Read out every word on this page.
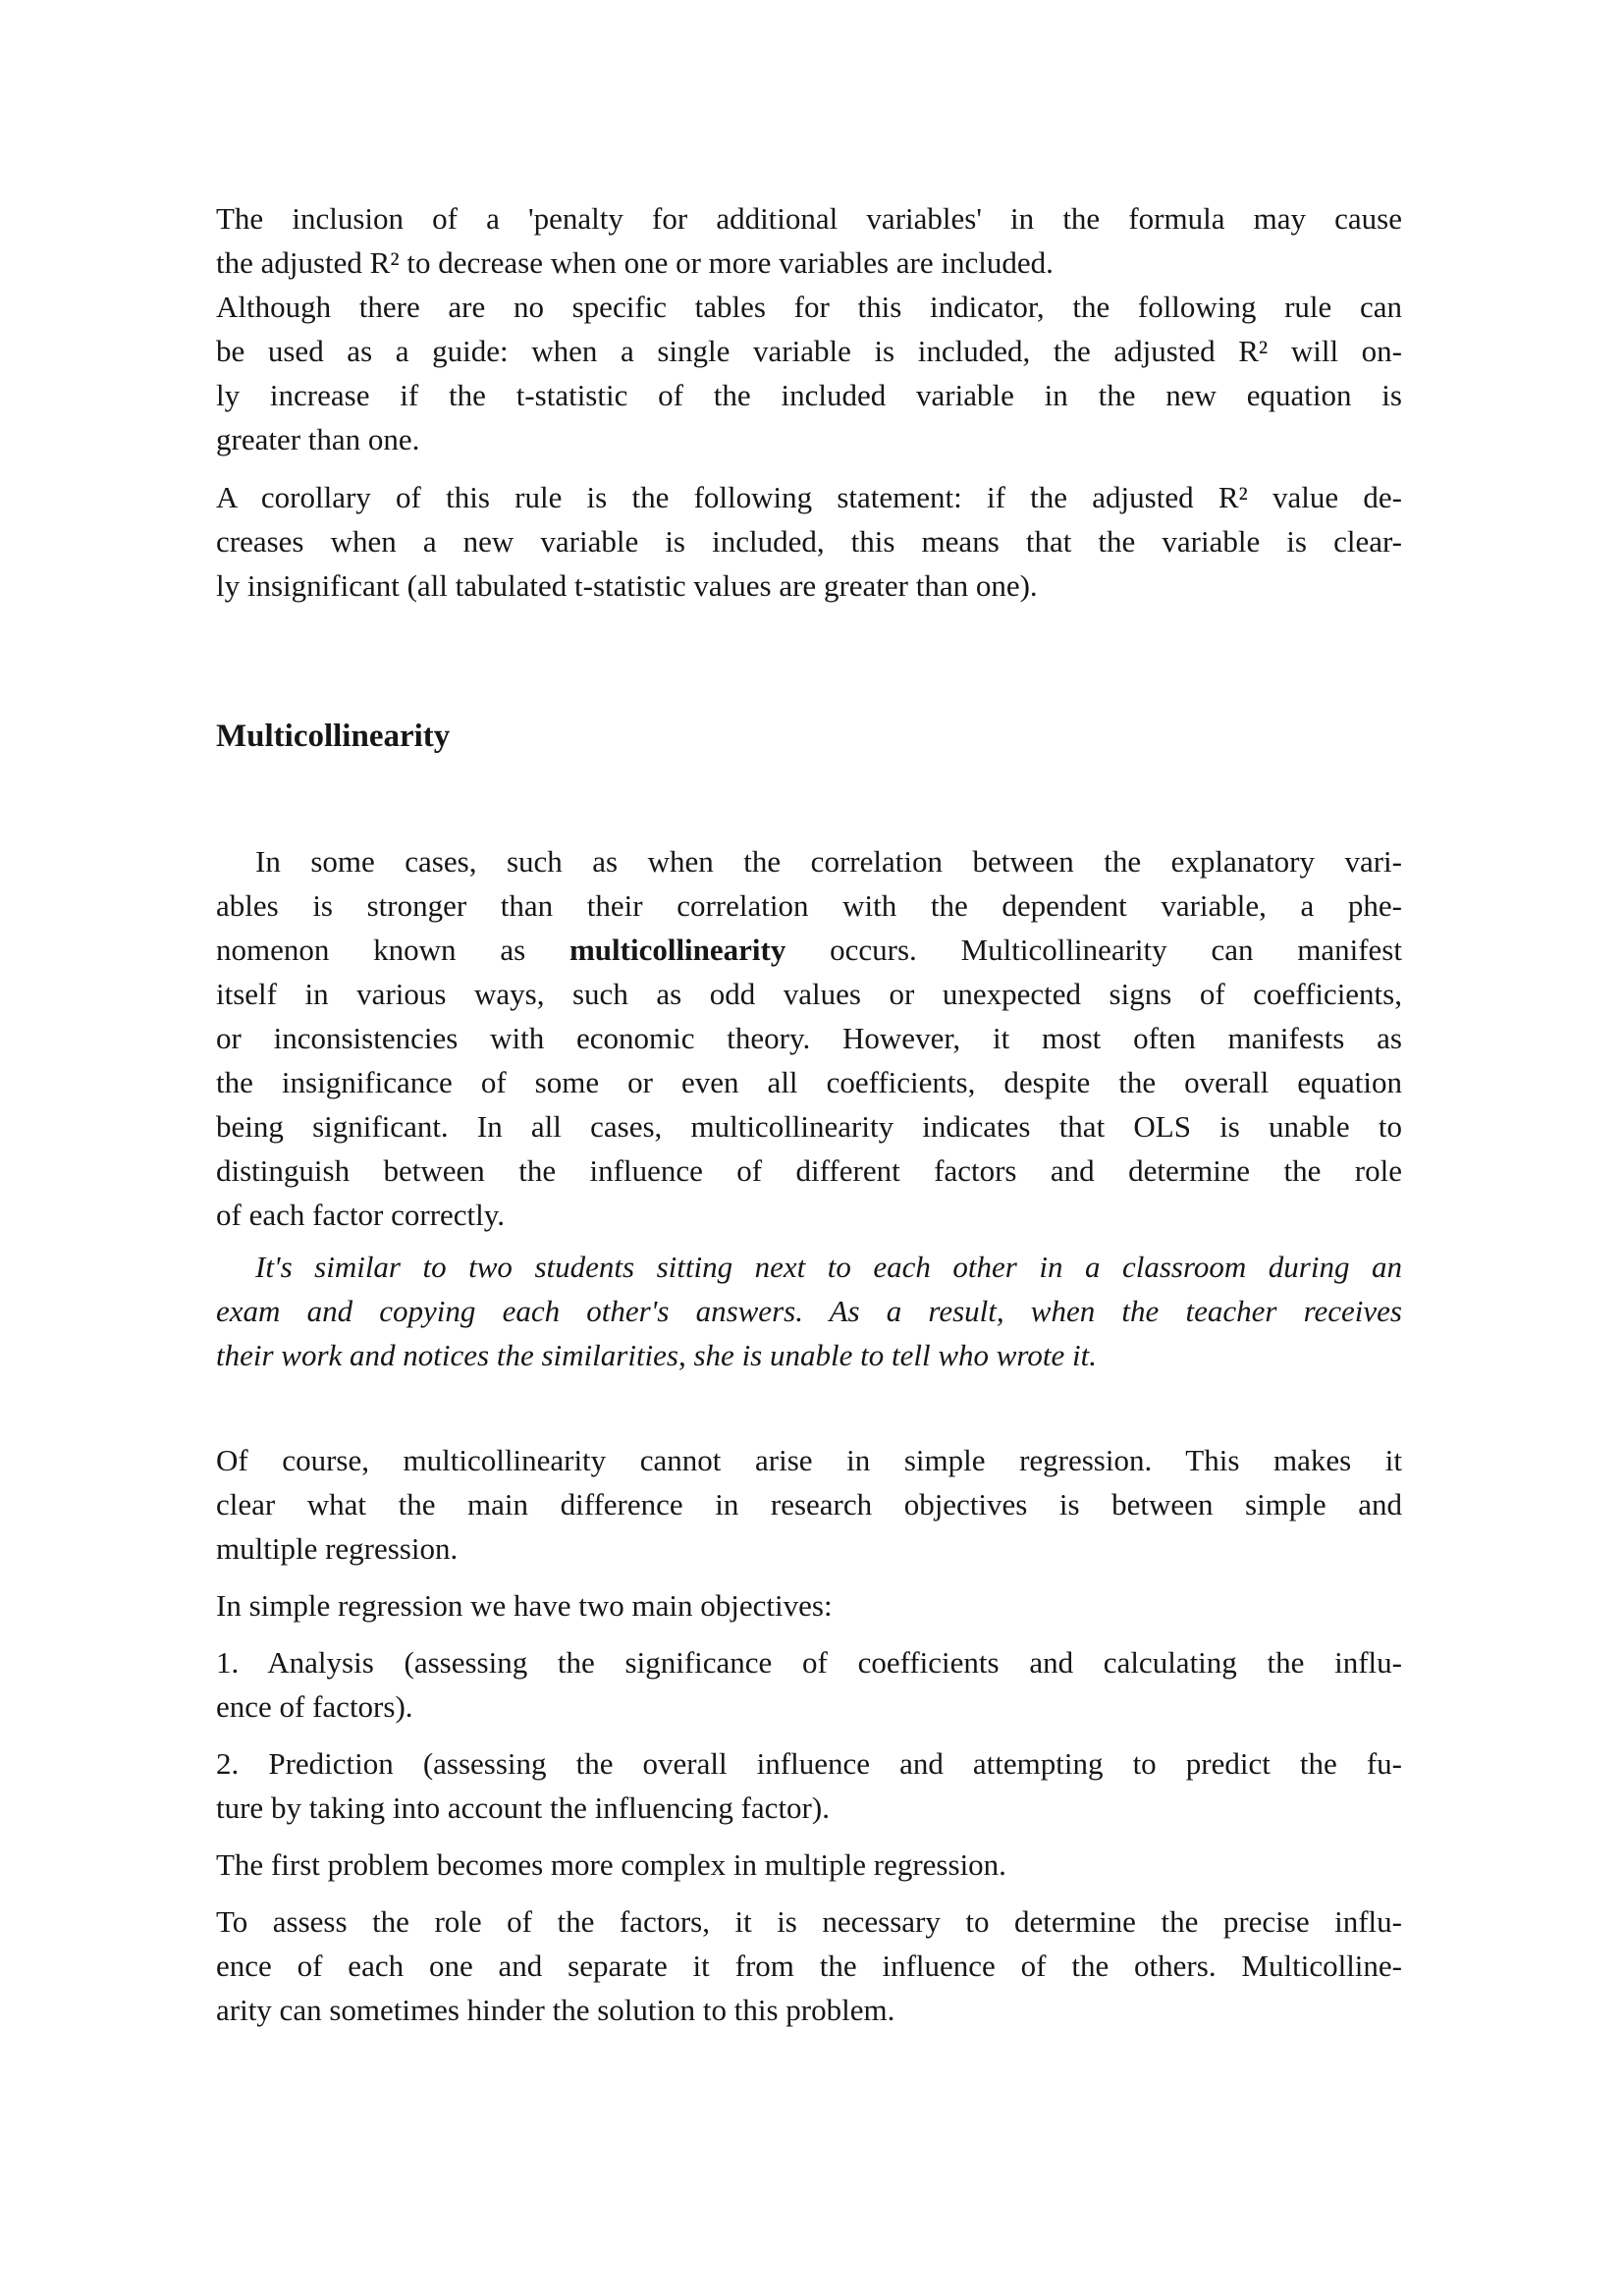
The inclusion of a 'penalty for additional variables' in the formula may cause
the adjusted R² to decrease when one or more variables are included.
Although there are no specific tables for this indicator, the following rule can
be used as a guide: when a single variable is included, the adjusted R² will on-
ly increase if the t-statistic of the included variable in the new equation is
greater than one.
A corollary of this rule is the following statement: if the adjusted R² value de-
creases when a new variable is included, this means that the variable is clear-
ly insignificant (all tabulated t-statistic values are greater than one).
Multicollinearity
In some cases, such as when the correlation between the explanatory vari-
ables is stronger than their correlation with the dependent variable, a phe-
nomenon known as multicollinearity occurs. Multicollinearity can manifest
itself in various ways, such as odd values or unexpected signs of coefficients,
or inconsistencies with economic theory. However, it most often manifests as
the insignificance of some or even all coefficients, despite the overall equation
being significant. In all cases, multicollinearity indicates that OLS is unable to
distinguish between the influence of different factors and determine the role
of each factor correctly.
It's similar to two students sitting next to each other in a classroom during an
exam and copying each other's answers. As a result, when the teacher receives
their work and notices the similarities, she is unable to tell who wrote it.
Of course, multicollinearity cannot arise in simple regression. This makes it
clear what the main difference in research objectives is between simple and
multiple regression.
In simple regression we have two main objectives:
1. Analysis (assessing the significance of coefficients and calculating the influ-
ence of factors).
2. Prediction (assessing the overall influence and attempting to predict the fu-
ture by taking into account the influencing factor).
The first problem becomes more complex in multiple regression.
To assess the role of the factors, it is necessary to determine the precise influ-
ence of each one and separate it from the influence of the others. Multicolline-
arity can sometimes hinder the solution to this problem.
